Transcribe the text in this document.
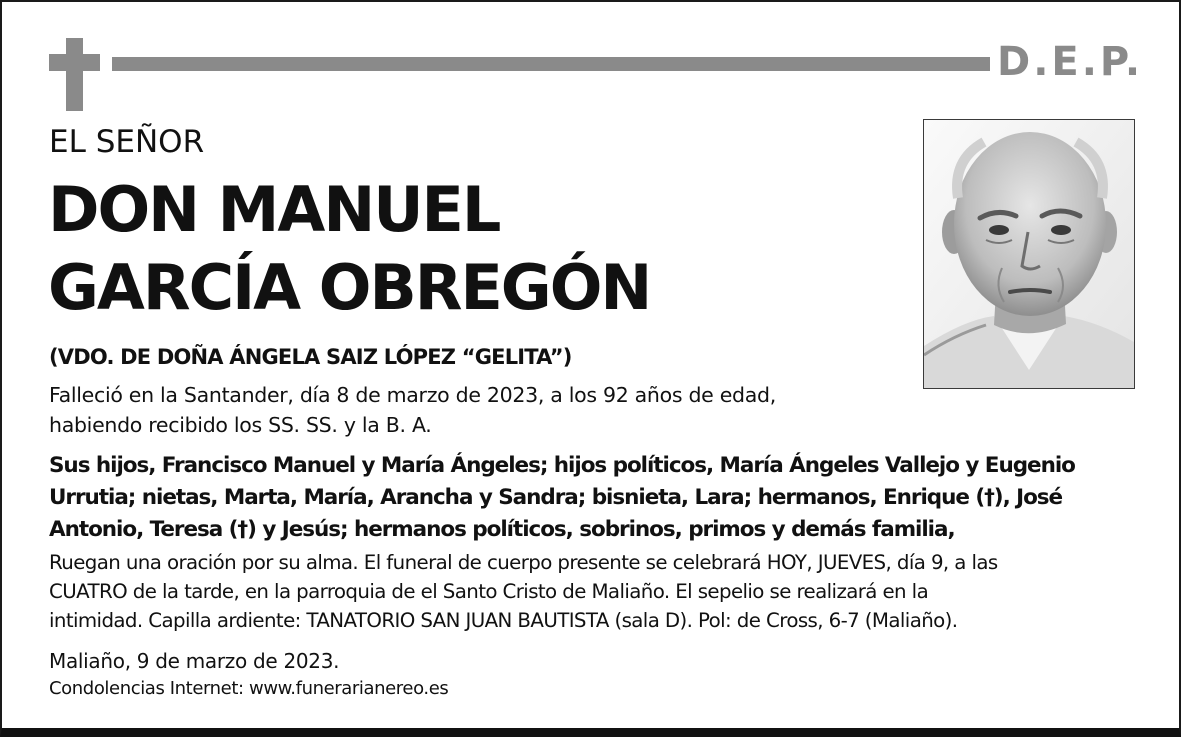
D.E.P.
EL SEÑOR
DON MANUEL
GARCÍA OBREGÓN
(VDO. DE DOÑA ÁNGELA SAIZ LÓPEZ “GELITA”)
Falleció en la Santander, día 8 de marzo de 2023, a los 92 años de edad,
habiendo recibido los SS. SS. y la B. A.
Sus hijos, Francisco Manuel y María Ángeles; hijos políticos, María Ángeles Vallejo y Eugenio
Urrutia; nietas, Marta, María, Arancha y Sandra; bisnieta, Lara; hermanos, Enrique (†), José
Antonio, Teresa (†) y Jesús; hermanos políticos, sobrinos, primos y demás familia,
Ruegan una oración por su alma. El funeral de cuerpo presente se celebrará HOY, JUEVES, día 9, a las
CUATRO de la tarde, en la parroquia de el Santo Cristo de Maliaño. El sepelio se realizará en la
intimidad. Capilla ardiente: TANATORIO SAN JUAN BAUTISTA (sala D). Pol: de Cross, 6-7 (Maliaño).
Maliaño, 9 de marzo de 2023.
Condolencias Internet: www.funerarianereo.es
